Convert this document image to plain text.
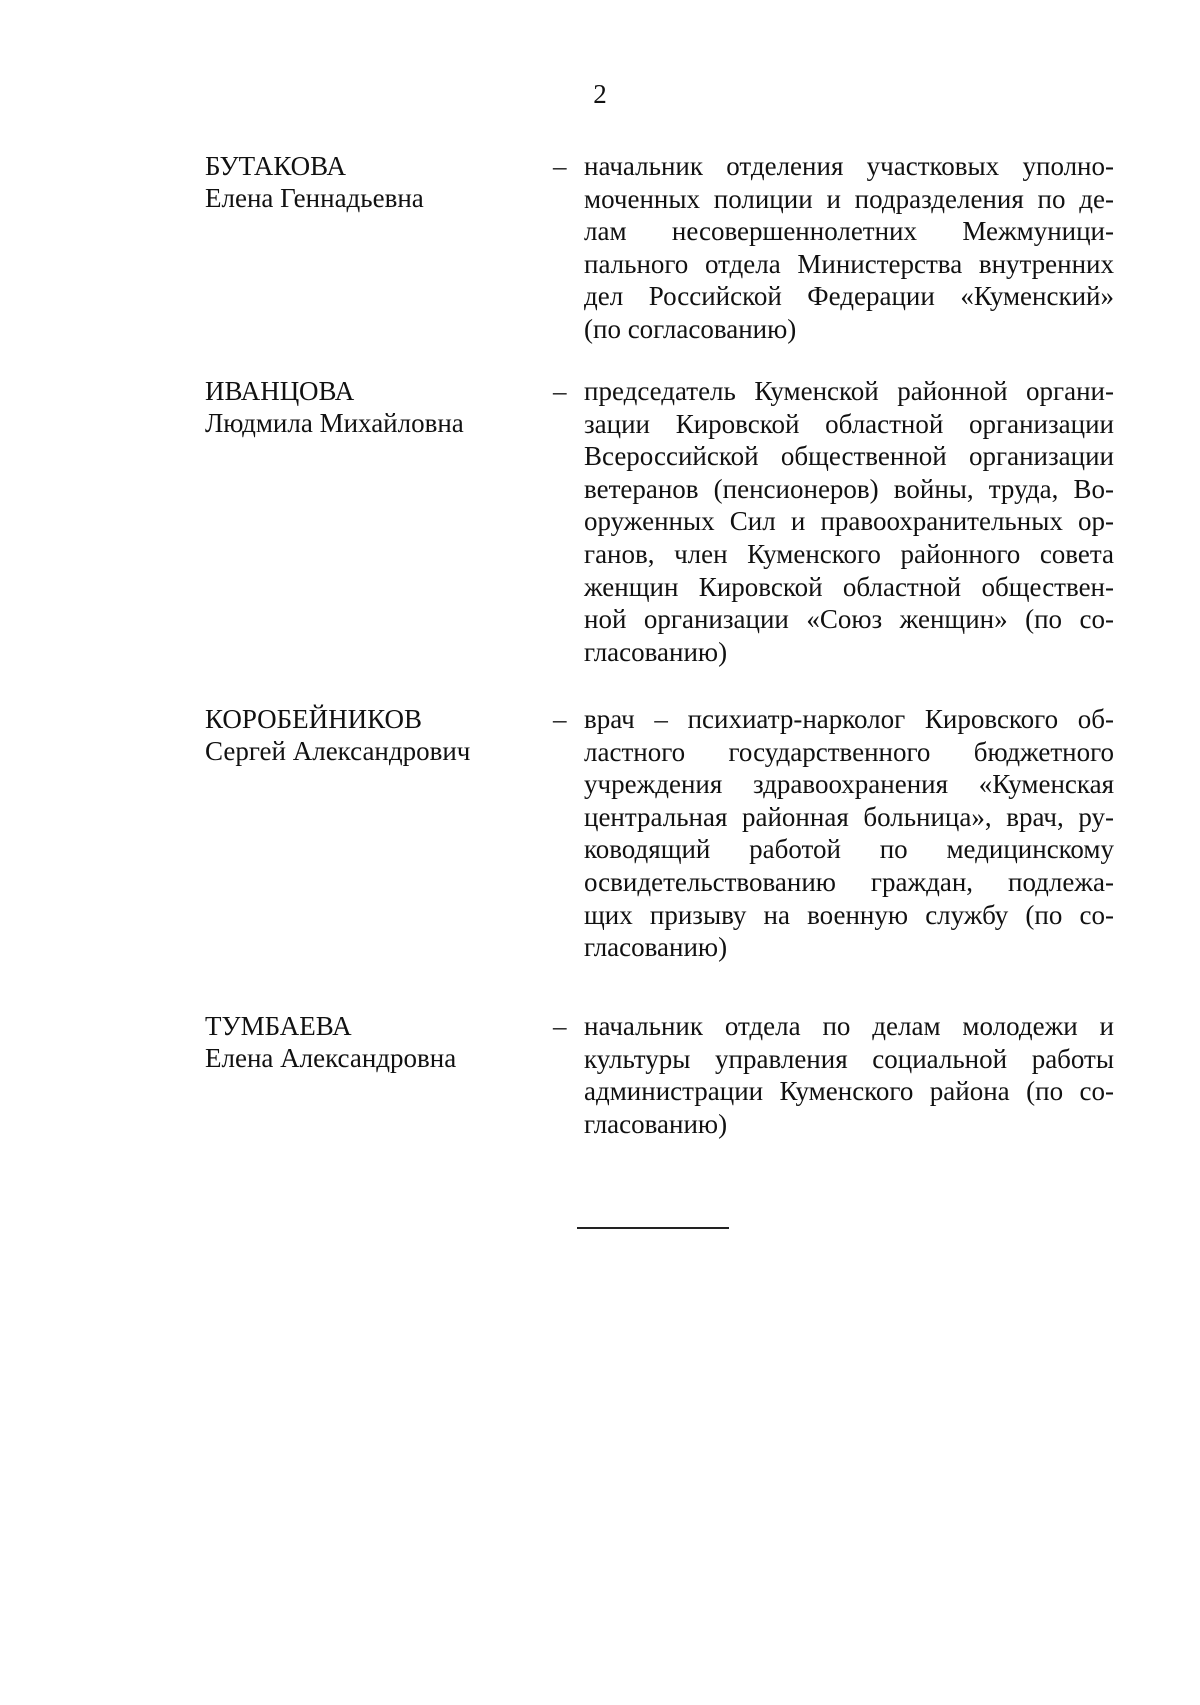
2
БУТАКОВА
Елена Геннадьевна
– начальник отделения участковых уполно-
моченных полиции и подразделения по де-
лам несовершеннолетних Межмуници-
пального отдела Министерства внутренних
дел Российской Федерации «Куменский»
(по согласованию)
ИВАНЦОВА
Людмила Михайловна
– председатель Куменской районной органи-
зации Кировской областной организации
Всероссийской общественной организации
ветеранов (пенсионеров) войны, труда, Во-
оруженных Сил и правоохранительных ор-
ганов, член Куменского районного совета
женщин Кировской областной обществен-
ной организации «Союз женщин» (по со-
гласованию)
КОРОБЕЙНИКОВ
Сергей Александрович
– врач – психиатр-нарколог Кировского об-
ластного государственного бюджетного
учреждения здравоохранения «Куменская
центральная районная больница», врач, ру-
ководящий работой по медицинскому
освидетельствованию граждан, подлежа-
щих призыву на военную службу (по со-
гласованию)
ТУМБАЕВА
Елена Александровна
– начальник отдела по делам молодежи и
культуры управления социальной работы
администрации Куменского района (по со-
гласованию)
